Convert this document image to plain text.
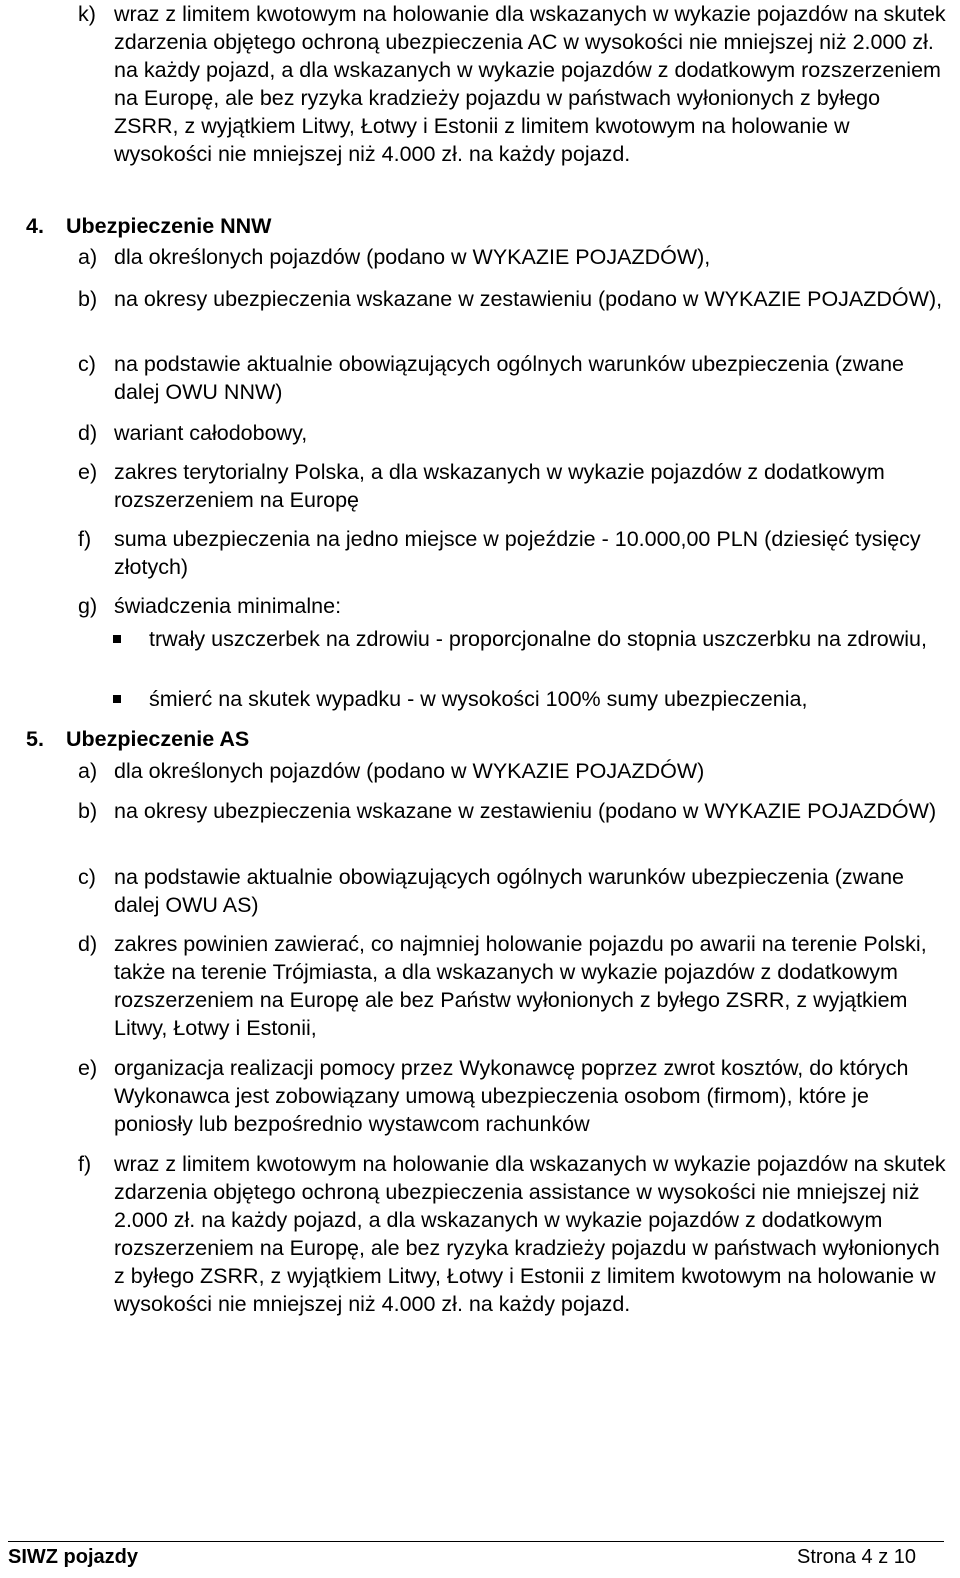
k) wraz z limitem kwotowym na holowanie dla wskazanych w wykazie pojazdów na skutek zdarzenia objętego ochroną ubezpieczenia AC w wysokości nie mniejszej niż 2.000 zł. na każdy pojazd, a dla wskazanych w wykazie pojazdów z dodatkowym rozszerzeniem na Europę, ale bez ryzyka kradzieży pojazdu w państwach wyłonionych z byłego ZSRR, z wyjątkiem Litwy, Łotwy i Estonii z limitem kwotowym na holowanie w wysokości nie mniejszej niż 4.000 zł. na każdy pojazd.
4. Ubezpieczenie NNW
a) dla określonych pojazdów (podano w WYKAZIE POJAZDÓW),
b) na okresy ubezpieczenia wskazane w zestawieniu (podano w WYKAZIE POJAZDÓW),
c) na podstawie aktualnie obowiązujących ogólnych warunków ubezpieczenia (zwane dalej OWU NNW)
d) wariant całodobowy,
e) zakres terytorialny Polska, a dla wskazanych w wykazie pojazdów z dodatkowym rozszerzeniem na Europę
f) suma ubezpieczenia na jedno miejsce w pojeździe - 10.000,00 PLN (dziesięć tysięcy złotych)
g) świadczenia minimalne:
trwały uszczerbek na zdrowiu - proporcjonalne do stopnia uszczerbku na zdrowiu,
śmierć na skutek wypadku - w wysokości 100% sumy ubezpieczenia,
5. Ubezpieczenie AS
a) dla określonych pojazdów (podano w WYKAZIE POJAZDÓW)
b) na okresy ubezpieczenia wskazane w zestawieniu (podano w WYKAZIE POJAZDÓW)
c) na podstawie aktualnie obowiązujących ogólnych warunków ubezpieczenia (zwane dalej OWU AS)
d) zakres powinien zawierać, co najmniej holowanie pojazdu po awarii na terenie Polski, także na terenie Trójmiasta, a dla wskazanych w wykazie pojazdów z dodatkowym rozszerzeniem na Europę ale bez Państw wyłonionych z byłego ZSRR, z wyjątkiem Litwy, Łotwy i Estonii,
e) organizacja realizacji pomocy przez Wykonawcę poprzez zwrot kosztów, do których Wykonawca jest zobowiązany umową ubezpieczenia osobom (firmom), które je poniosły lub bezpośrednio wystawcom rachunków
f) wraz z limitem kwotowym na holowanie dla wskazanych w wykazie pojazdów na skutek zdarzenia objętego ochroną ubezpieczenia assistance w wysokości nie mniejszej niż 2.000 zł. na każdy pojazd, a dla wskazanych w wykazie pojazdów z dodatkowym rozszerzeniem na Europę, ale bez ryzyka kradzieży pojazdu w państwach wyłonionych z byłego ZSRR, z wyjątkiem Litwy, Łotwy i Estonii z limitem kwotowym na holowanie w wysokości nie mniejszej niż 4.000 zł. na każdy pojazd.
SIWZ pojazdy	Strona 4 z 10
